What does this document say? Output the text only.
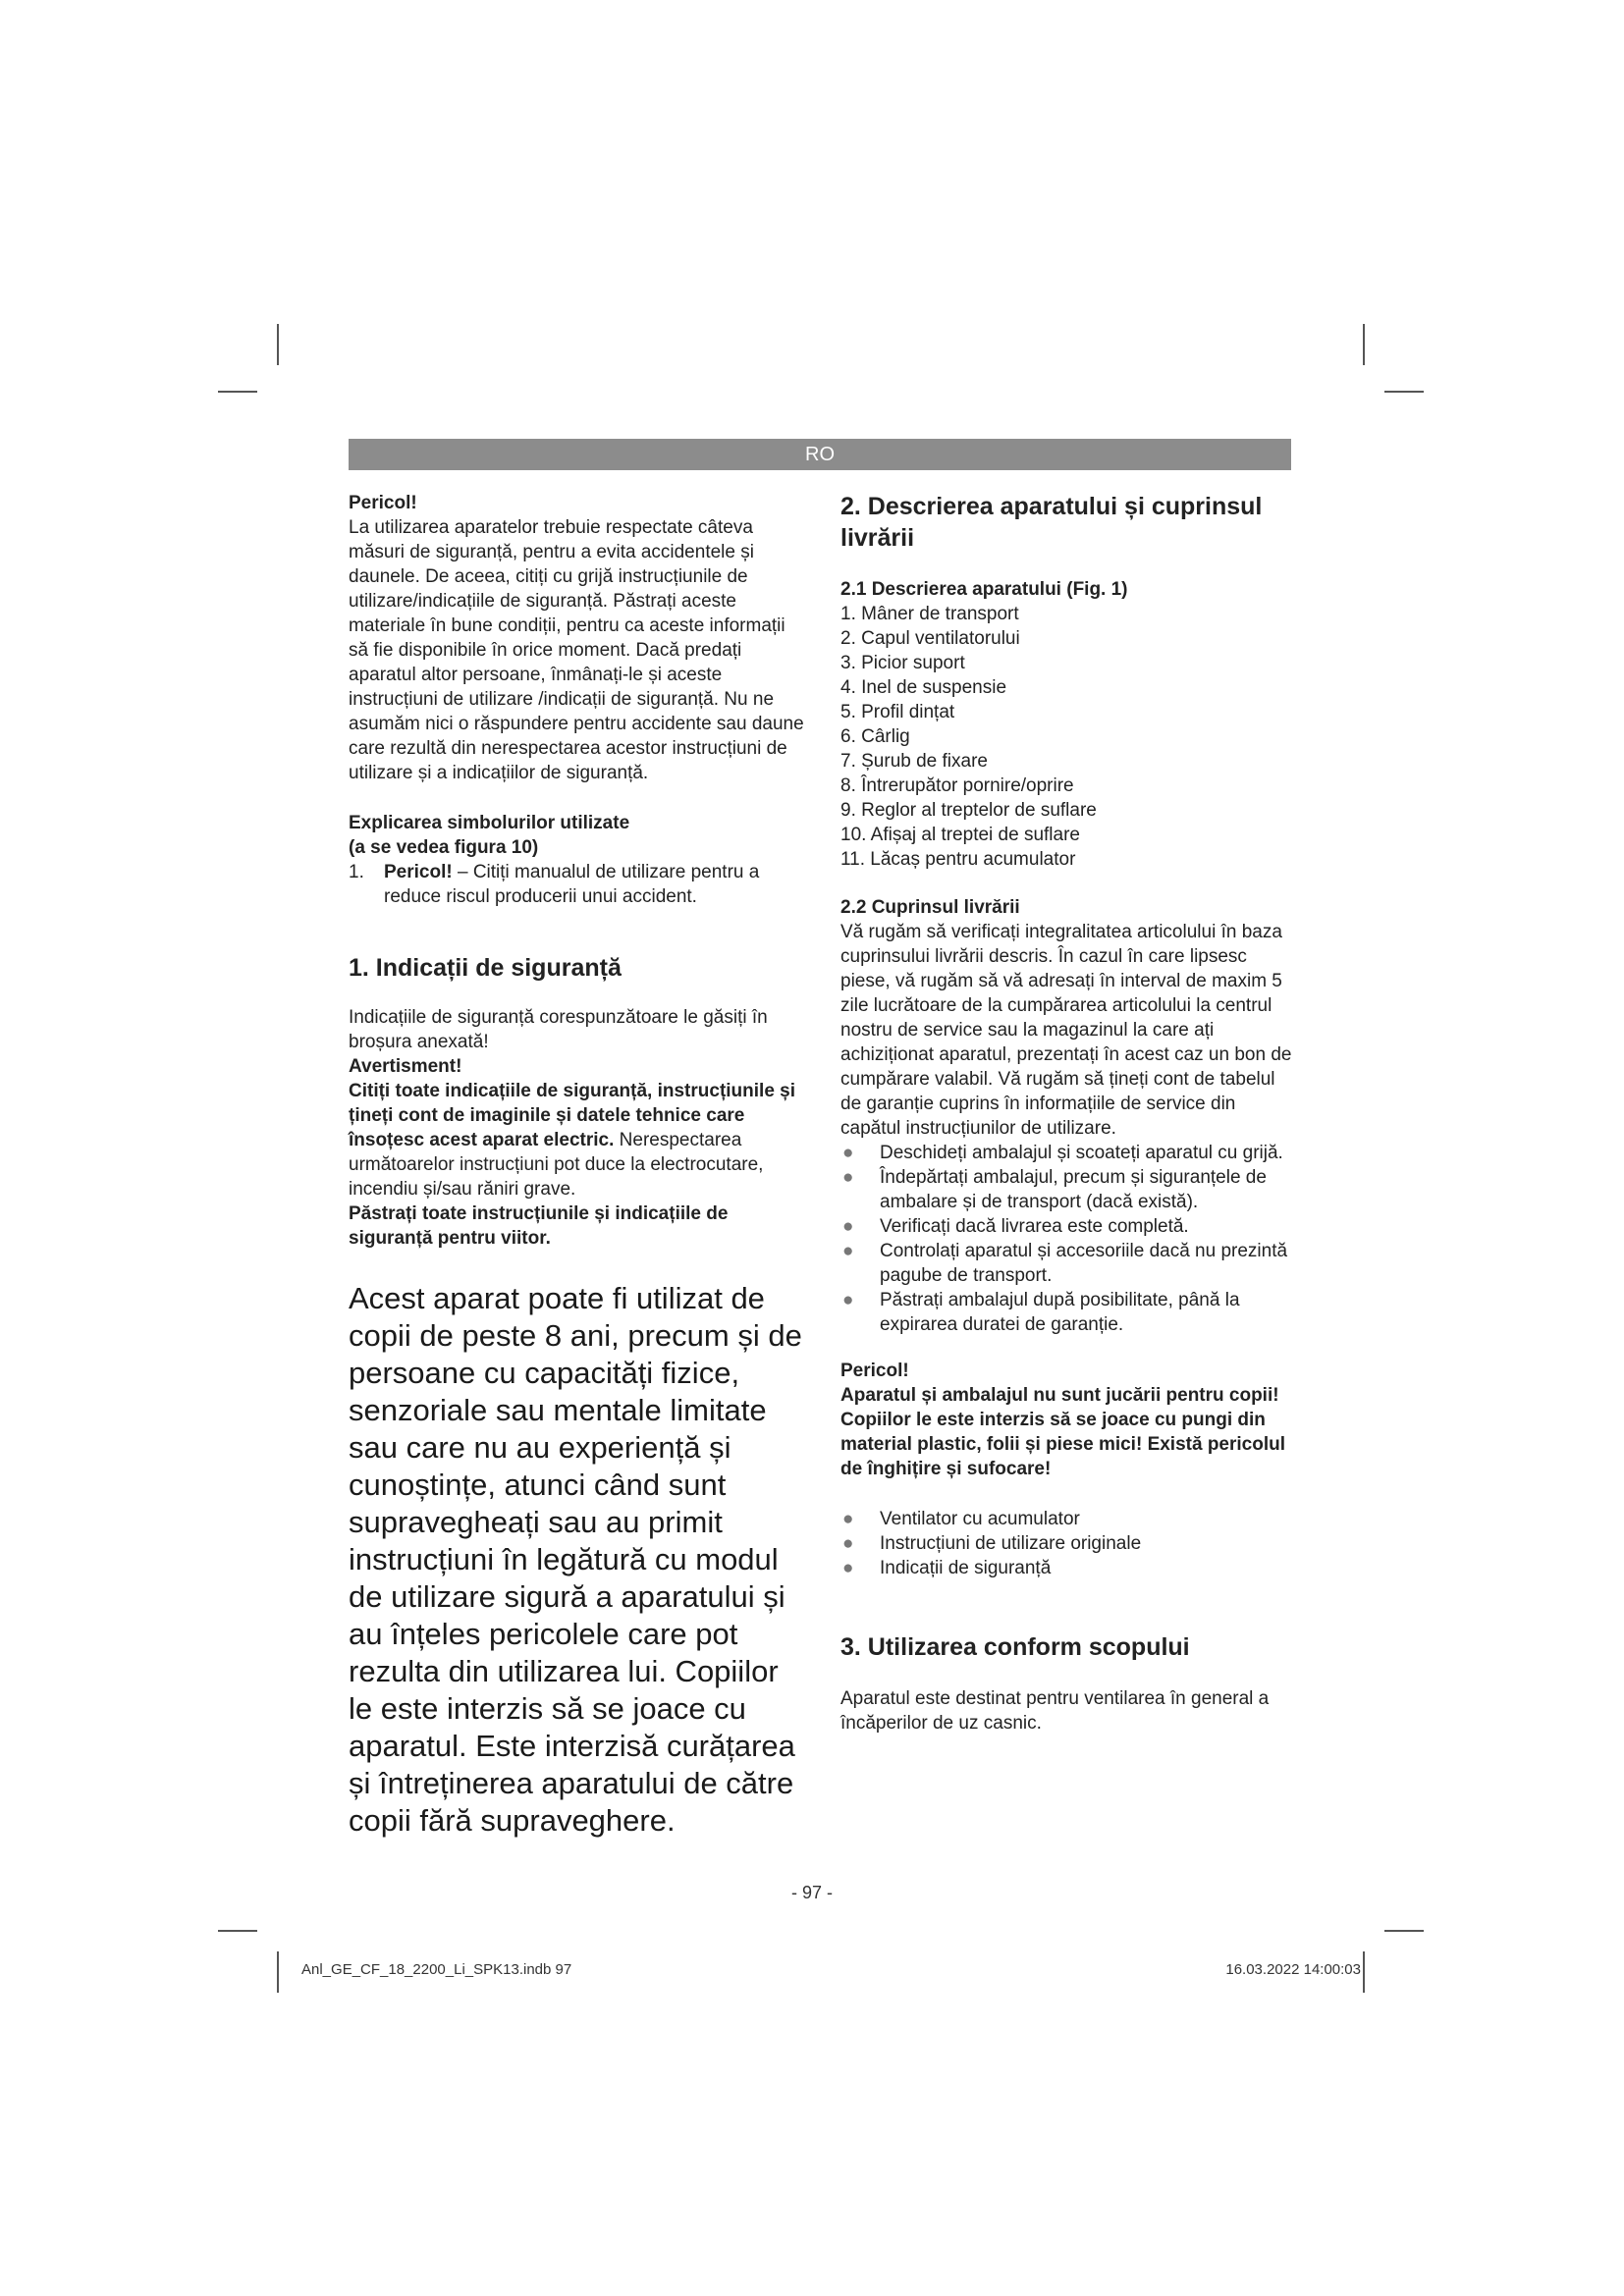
RO

Pericol!

La utilizarea aparatelor trebuie respectate câteva măsuri de siguranță, pentru a evita accidentele și daunele. De aceea, citiți cu grijă instrucțiunile de utilizare/indicațiile de siguranță. Păstrați aceste materiale în bune condiții, pentru ca aceste informații să fie disponibile în orice moment. Dacă predați aparatul altor persoane, înmânați-le și aceste instrucțiuni de utilizare /indicații de siguranță. Nu ne asumăm nici o răspundere pentru accidente sau daune care rezultă din nerespectarea acestor instrucțiuni de utilizare și a indicațiilor de siguranță.

Explicarea simbolurilor utilizate

(a se vedea figura 10)

1.	Pericol! – Citiți manualul de utilizare pentru a reduce riscul producerii unui accident.

1. Indicații de siguranță

Indicațiile de siguranță corespunzătoare le găsiți în broșura anexată!

Avertisment!

Citiți toate indicațiile de siguranță, instrucțiunile și țineți cont de imaginile și datele tehnice care însoțesc acest aparat electric. Nerespectarea următoarelor instrucțiuni pot duce la electrocutare, incendiu și/sau răniri grave.

Păstrați toate instrucțiunile și indicațiile de siguranță pentru viitor.

Acest aparat poate fi utilizat de copii de peste 8 ani, precum și de persoane cu capacități fizice, senzoriale sau mentale limitate sau care nu au experiență și cunoștințe, atunci când sunt supravegheați sau au primit instrucțiuni în legătură cu modul de utilizare sigură a aparatului și au înțeles pericolele care pot rezulta din utilizarea lui. Copiilor le este interzis să se joace cu aparatul. Este interzisă curățarea și întreținerea aparatului de către copii fără supraveghere.

2. Descrierea aparatului și cuprinsul livrării

2.1 Descrierea aparatului (Fig. 1)

1. Mâner de transport
2. Capul ventilatorului
3. Picior suport
4. Inel de suspensie
5. Profil dințat
6. Cârlig
7. Șurub de fixare
8. Întrerupător pornire/oprire
9. Reglor al treptelor de suflare
10. Afișaj al treptei de suflare
11. Lăcaș pentru acumulator

2.2 Cuprinsul livrării

Vă rugăm să verificați integralitatea articolului în baza cuprinsului livrării descris. În cazul în care lipsesc piese, vă rugăm să vă adresați în interval de maxim 5 zile lucrătoare de la cumpărarea articolului la centrul nostru de service sau la magazinul la care ați achiziționat aparatul, prezentați în acest caz un bon de cumpărare valabil. Vă rugăm să țineți cont de tabelul de garanție cuprins în informațiile de service din capătul instrucțiunilor de utilizare.

●	Deschideți ambalajul și scoateți aparatul cu grijă.
●	Îndepărtați ambalajul, precum și siguranțele de ambalare și de transport (dacă există).
●	Verificați dacă livrarea este completă.
●	Controlați aparatul și accesoriile dacă nu prezintă pagube de transport.
●	Păstrați ambalajul după posibilitate, până la expirarea duratei de garanție.

Pericol!

Aparatul și ambalajul nu sunt jucării pentru copii! Copiilor le este interzis să se joace cu pungi din material plastic, folii și piese mici! Există pericolul de înghițire și sufocare!

●	Ventilator cu acumulator
●	Instrucțiuni de utilizare originale
●	Indicații de siguranță

3. Utilizarea conform scopului

Aparatul este destinat pentru ventilarea în general a încăperilor de uz casnic.

- 97 -
Anl_GE_CF_18_2200_Li_SPK13.indb 97	16.03.2022 14:00:03
